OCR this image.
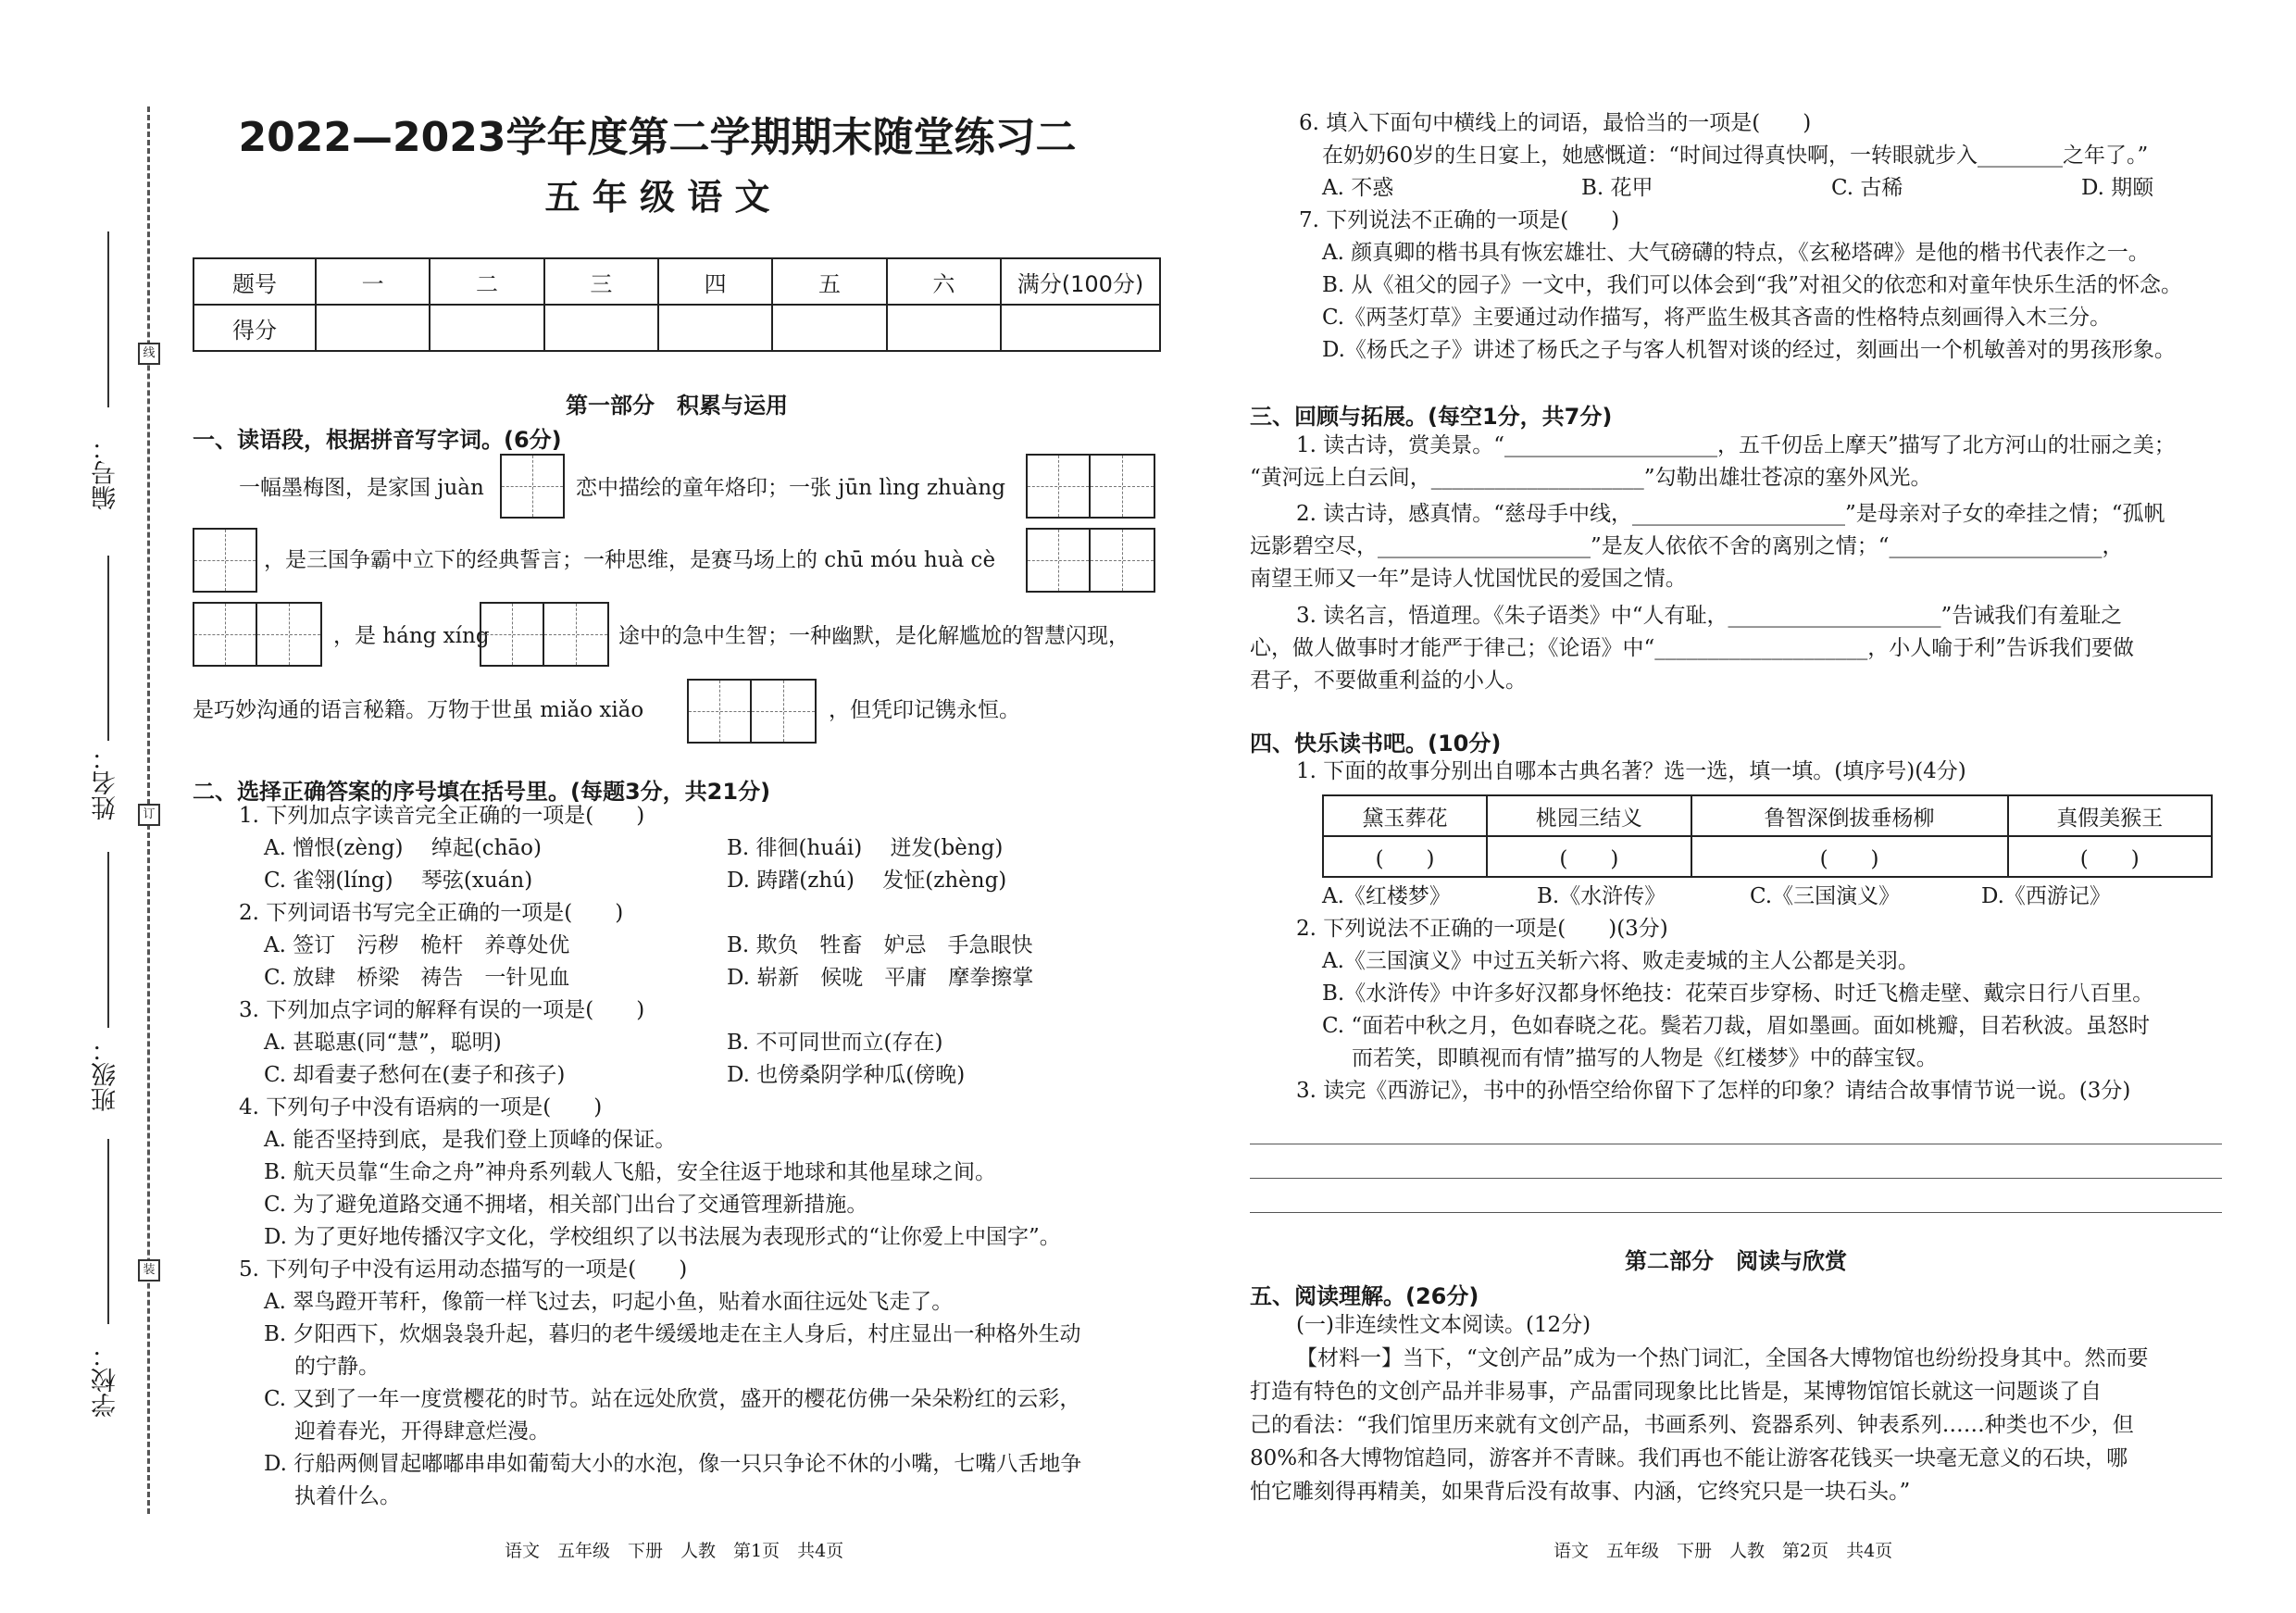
线
订
装
编号：
姓名：
班级：
学校：
2022—2023学年度第二学期期末随堂练习二
五 年 级 语 文
题号	一	二	三	四	五	六	满分(100分)
得分							
第一部分　积累与运用
一、读语段，根据拼音写字词。(6分)
一幅墨梅图，是家国 juàn	恋中描绘的童年烙印；一张 jūn lìng zhuàng
，是三国争霸中立下的经典誓言；一种思维，是赛马场上的 chū móu huà cè
，是 háng xíng	途中的急中生智；一种幽默，是化解尴尬的智慧闪现，
是巧妙沟通的语言秘籍。万物于世虽 miǎo xiǎo	，但凭印记镌永恒。
二、选择正确答案的序号填在括号里。(每题3分，共21分)
1. 下列加点字读音完全正确的一项是(　　)
A. 憎恨(zèng)　 绰起(chāo)	B. 徘徊(huái)　 迸发(bèng)
C. 雀翎(líng)　 琴弦(xuán)	D. 踌躇(zhú)　 发怔(zhèng)
2. 下列词语书写完全正确的一项是(　　)
A. 签订　污秽　桅杆　养尊处优	B. 欺负　牲畜　妒忌　手急眼快
C. 放肆　桥梁　祷告　一针见血	D. 崭新　候咙　平庸　摩拳擦掌
3. 下列加点字词的解释有误的一项是(　　)
A. 甚聪惠(同“慧”，聪明)	B. 不可同世而立(存在)
C. 却看妻子愁何在(妻子和孩子)	D. 也傍桑阴学种瓜(傍晚)
4. 下列句子中没有语病的一项是(　　)
A. 能否坚持到底，是我们登上顶峰的保证。
B. 航天员靠“生命之舟”神舟系列载人飞船，安全往返于地球和其他星球之间。
C. 为了避免道路交通不拥堵，相关部门出台了交通管理新措施。
D. 为了更好地传播汉字文化，学校组织了以书法展为表现形式的“让你爱上中国字”。
5. 下列句子中没有运用动态描写的一项是(　　)
A. 翠鸟蹬开苇秆，像箭一样飞过去，叼起小鱼，贴着水面往远处飞走了。
B. 夕阳西下，炊烟袅袅升起，暮归的老牛缓缓地走在主人身后，村庄显出一种格外生动
的宁静。
C. 又到了一年一度赏樱花的时节。站在远处欣赏，盛开的樱花仿佛一朵朵粉红的云彩，
迎着春光，开得肆意烂漫。
D. 行船两侧冒起嘟嘟串串如葡萄大小的水泡，像一只只争论不休的小嘴，七嘴八舌地争
执着什么。
语文　五年级　下册　人教　第1页　共4页
6. 填入下面句中横线上的词语，最恰当的一项是(　　)
在奶奶60岁的生日宴上，她感慨道：“时间过得真快啊，一转眼就步入________之年了。”
A. 不惑	B. 花甲	C. 古稀	D. 期颐
7. 下列说法不正确的一项是(　　)
A. 颜真卿的楷书具有恢宏雄壮、大气磅礴的特点，《玄秘塔碑》是他的楷书代表作之一。
B. 从《祖父的园子》一文中，我们可以体会到“我”对祖父的依恋和对童年快乐生活的怀念。
C.《两茎灯草》主要通过动作描写，将严监生极其吝啬的性格特点刻画得入木三分。
D.《杨氏之子》讲述了杨氏之子与客人机智对谈的经过，刻画出一个机敏善对的男孩形象。
三、回顾与拓展。(每空1分，共7分)
1. 读古诗，赏美景。“____________________，五千仞岳上摩天”描写了北方河山的壮丽之美；
“黄河远上白云间，____________________”勾勒出雄壮苍凉的塞外风光。
2. 读古诗，感真情。“慈母手中线，____________________”是母亲对子女的牵挂之情；“孤帆
远影碧空尽，____________________”是友人依依不舍的离别之情；“____________________，
南望王师又一年”是诗人忧国忧民的爱国之情。
3. 读名言，悟道理。《朱子语类》中“人有耻，____________________”告诫我们有羞耻之
心，做人做事时才能严于律己；《论语》中“____________________，小人喻于利”告诉我们要做
君子，不要做重利益的小人。
四、快乐读书吧。(10分)
1. 下面的故事分别出自哪本古典名著？选一选，填一填。(填序号)(4分)
黛玉葬花	桃园三结义	鲁智深倒拔垂杨柳	真假美猴王
(　　)	(　　)	(　　)	(　　)
A.《红楼梦》	B.《水浒传》	C.《三国演义》	D.《西游记》
2. 下列说法不正确的一项是(　　)(3分)
A.《三国演义》中过五关斩六将、败走麦城的主人公都是关羽。
B.《水浒传》中许多好汉都身怀绝技：花荣百步穿杨、时迁飞檐走壁、戴宗日行八百里。
C. “面若中秋之月，色如春晓之花。鬓若刀裁，眉如墨画。面如桃瓣，目若秋波。虽怒时
而若笑，即瞋视而有情”描写的人物是《红楼梦》中的薛宝钗。
3. 读完《西游记》，书中的孙悟空给你留下了怎样的印象？请结合故事情节说一说。(3分)
第二部分　阅读与欣赏
五、阅读理解。(26分)
(一)非连续性文本阅读。(12分)
【材料一】当下，“文创产品”成为一个热门词汇，全国各大博物馆也纷纷投身其中。然而要
打造有特色的文创产品并非易事，产品雷同现象比比皆是，某博物馆馆长就这一问题谈了自
己的看法：“我们馆里历来就有文创产品，书画系列、瓷器系列、钟表系列……种类也不少，但
80%和各大博物馆趋同，游客并不青睐。我们再也不能让游客花钱买一块毫无意义的石块，哪
怕它雕刻得再精美，如果背后没有故事、内涵，它终究只是一块石头。”
语文　五年级　下册　人教　第2页　共4页
